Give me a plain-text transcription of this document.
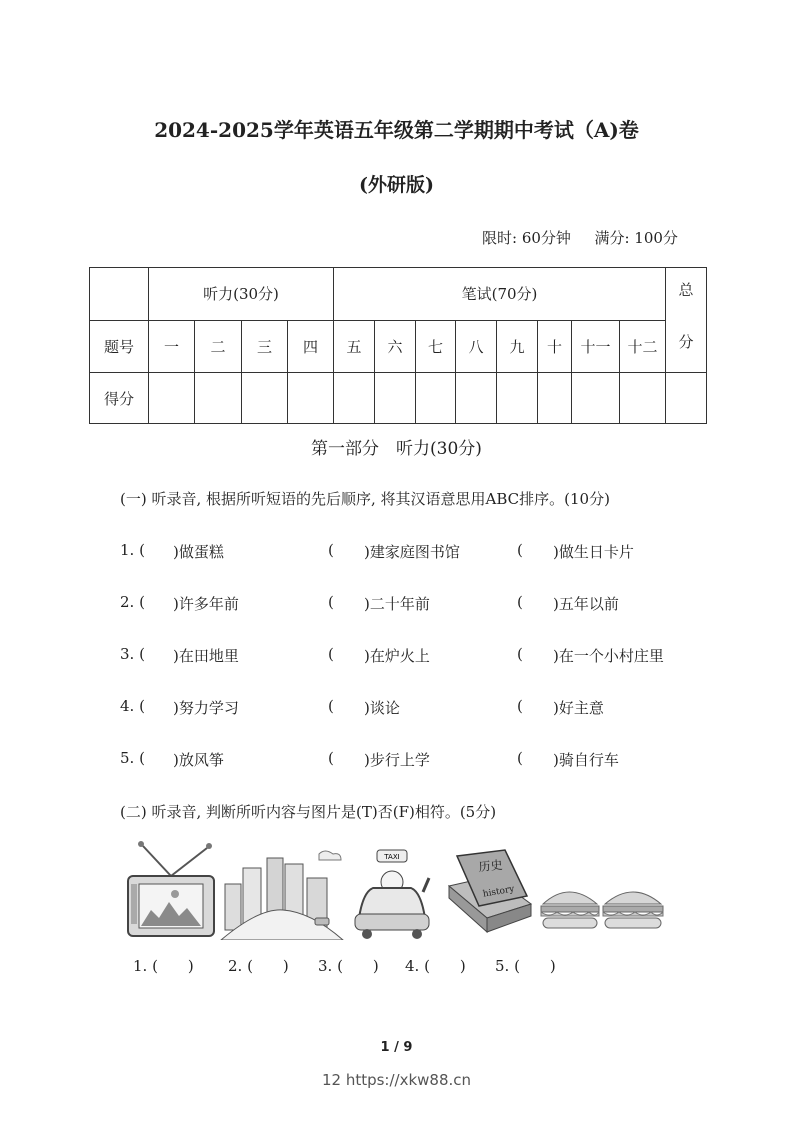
2024-2025学年英语五年级第二学期期中考试（A)卷
(外研版)
限时: 60分钟 满分: 100分
	听力(30分)				笔试(70分)								总
分

题号	一	二	三	四	五	六	七	八	九	十	十一	十二	
得分													
第一部分　听力(30分)
(一) 听录音, 根据所听短语的先后顺序, 将其汉语意思用ABC排序。(10分)
1. ( )做蛋糕	( )建家庭图书馆	( )做生日卡片
2. ( )许多年前	( )二十年前	( )五年以前
3. ( )在田地里	( )在炉火上	( )在一个小村庄里
4. ( )努力学习	( )谈论	( )好主意
5. ( )放风筝	( )步行上学	( )骑自行车
(二) 听录音, 判断所听内容与图片是(T)否(F)相符。(5分)
TAXI
历史
history
1. (　　) 2. (　　) 3. (　　) 4. (　　) 5. (　　)
1 / 9
12 https://xkw88.cn
